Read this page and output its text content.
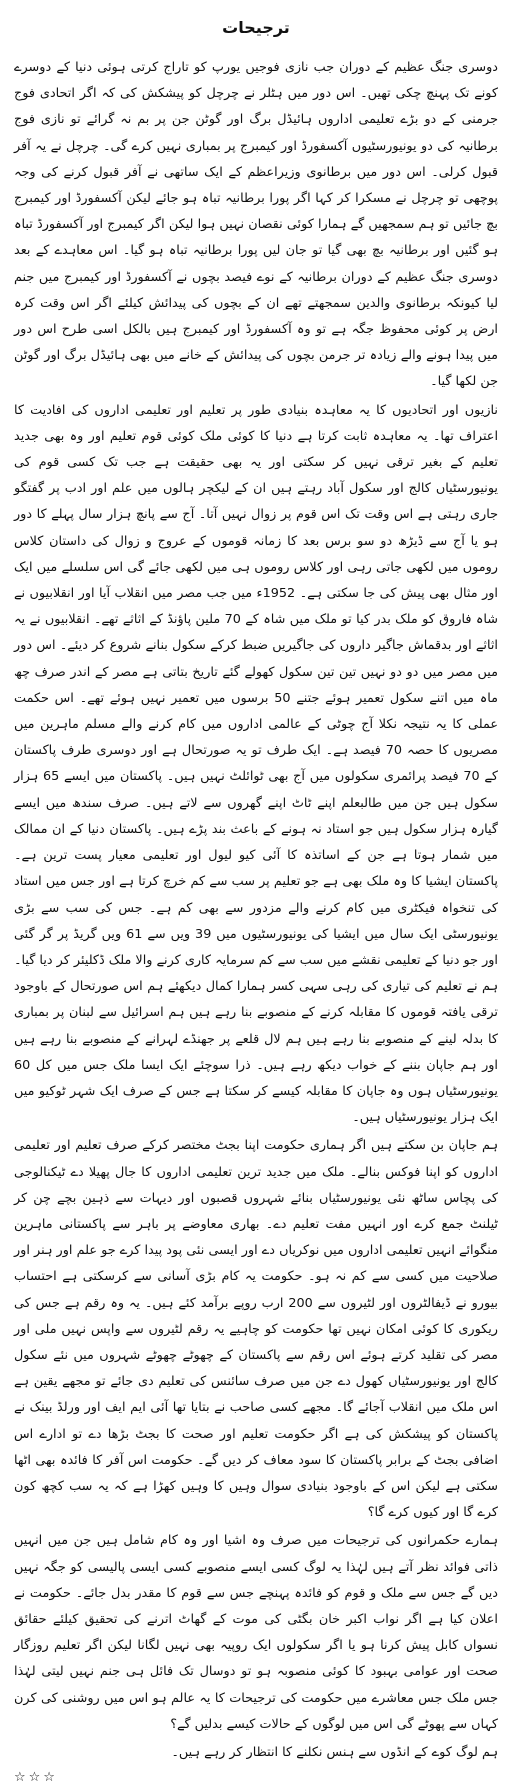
ترجیحات

دوسری جنگ عظیم کے دوران جب نازی فوجیں یورپ کو تاراج کرتی ہوئی دنیا کے دوسرے کونے تک پہنچ چکی تھیں۔ اس دور میں ہٹلر نے چرچل کو پیشکش کی کہ اگر اتحادی فوج جرمنی کے دو بڑے تعلیمی اداروں ہائیڈل برگ اور گوٹن جن پر بم نہ گرائے تو نازی فوج برطانیہ کی دو یونیورسٹیوں آکسفورڈ اور کیمبرج پر بمباری نہیں کرے گی۔ چرچل نے یہ آفر قبول کرلی۔ اس دور میں برطانوی وزیراعظم کے ایک ساتھی نے آفر قبول کرنے کی وجہ پوچھی تو چرچل نے مسکرا کر کہا اگر پورا برطانیہ تباہ ہو جائے لیکن آکسفورڈ اور کیمبرج بچ جائیں تو ہم سمجھیں گے ہمارا کوئی نقصان نہیں ہوا لیکن اگر کیمبرج اور آکسفورڈ تباہ ہو گئیں اور برطانیہ بچ بھی گیا تو جان لیں پورا برطانیہ تباہ ہو گیا۔ اس معاہدے کے بعد دوسری جنگ عظیم کے دوران برطانیہ کے نوے فیصد بچوں نے آکسفورڈ اور کیمبرج میں جنم لیا کیونکہ برطانوی والدین سمجھتے تھے ان کے بچوں کی پیدائش کیلئے اگر اس وقت کرہ ارض پر کوئی محفوظ جگہ ہے تو وہ آکسفورڈ اور کیمبرج ہیں بالکل اسی طرح اس دور میں پیدا ہونے والے زیادہ تر جرمن بچوں کی پیدائش کے خانے میں بھی ہائیڈل برگ اور گوٹن جن لکھا گیا۔

نازیوں اور اتحادیوں کا یہ معاہدہ بنیادی طور پر تعلیم اور تعلیمی اداروں کی افادیت کا اعتراف تھا۔ یہ معاہدہ ثابت کرتا ہے دنیا کا کوئی ملک کوئی قوم تعلیم اور وہ بھی جدید تعلیم کے بغیر ترقی نہیں کر سکتی اور یہ بھی حقیقت ہے جب تک کسی قوم کی یونیورسٹیاں کالج اور سکول آباد رہتے ہیں ان کے لیکچر ہالوں میں علم اور ادب پر گفتگو جاری رہتی ہے اس وقت تک اس قوم پر زوال نہیں آتا۔ آج سے پانچ ہزار سال پہلے کا دور ہو یا آج سے ڈیڑھ دو سو برس بعد کا زمانہ قوموں کے عروج و زوال کی داستان کلاس روموں میں لکھی جاتی رہی اور کلاس روموں ہی میں لکھی جائے گی اس سلسلے میں ایک اور مثال بھی پیش کی جا سکتی ہے۔ 1952ء میں جب مصر میں انقلاب آیا اور انقلابیوں نے شاہ فاروق کو ملک بدر کیا تو ملک میں شاہ کے 70 ملین پاؤنڈ کے اثاثے تھے۔ انقلابیوں نے یہ اثاثے اور بدقماش جاگیر داروں کی جاگیریں ضبط کرکے سکول بنانے شروع کر دیئے۔ اس دور میں مصر میں دو دو نہیں تین تین سکول کھولے گئے تاریخ بتاتی ہے مصر کے اندر صرف چھ ماہ میں اتنے سکول تعمیر ہوئے جتنے 50 برسوں میں تعمیر نہیں ہوئے تھے۔ اس حکمت عملی کا یہ نتیجہ نکلا آج چوٹی کے عالمی اداروں میں کام کرنے والے مسلم ماہرین میں مصریوں کا حصہ 70 فیصد ہے۔ ایک طرف تو یہ صورتحال ہے اور دوسری طرف پاکستان کے 70 فیصد پرائمری سکولوں میں آج بھی ٹوائلٹ نہیں ہیں۔ پاکستان میں ایسے 65 ہزار سکول ہیں جن میں طالبعلم اپنے ٹاٹ اپنے گھروں سے لاتے ہیں۔ صرف سندھ میں ایسے گیارہ ہزار سکول ہیں جو استاد نہ ہونے کے باعث بند پڑے ہیں۔ پاکستان دنیا کے ان ممالک میں شمار ہوتا ہے جن کے اساتذہ کا آئی کیو لیول اور تعلیمی معیار پست ترین ہے۔ پاکستان ایشیا کا وہ ملک بھی ہے جو تعلیم پر سب سے کم خرچ کرتا ہے اور جس میں استاد کی تنخواہ فیکٹری میں کام کرنے والے مزدور سے بھی کم ہے۔ جس کی سب سے بڑی یونیورسٹی ایک سال میں ایشیا کی یونیورسٹیوں میں 39 ویں سے 61 ویں گریڈ پر گر گئی اور جو دنیا کے تعلیمی نقشے میں سب سے کم سرمایہ کاری کرنے والا ملک ڈکلیئر کر دیا گیا۔ ہم نے تعلیم کی تیاری کی رہی سہی کسر ہمارا کمال دیکھئے ہم اس صورتحال کے باوجود ترقی یافتہ قوموں کا مقابلہ کرنے کے منصوبے بنا رہے ہیں ہم اسرائیل سے لبنان پر بمباری کا بدلہ لینے کے منصوبے بنا رہے ہیں ہم لال قلعے پر جھنڈے لہرانے کے منصوبے بنا رہے ہیں اور ہم جاپان بننے کے خواب دیکھ رہے ہیں۔ ذرا سوچئے ایک ایسا ملک جس میں کل 60 یونیورسٹیاں ہوں وہ جاپان کا مقابلہ کیسے کر سکتا ہے جس کے صرف ایک شہر ٹوکیو میں ایک ہزار یونیورسٹیاں ہیں۔

ہم جاپان بن سکتے ہیں اگر ہماری حکومت اپنا بجٹ مختصر کرکے صرف تعلیم اور تعلیمی اداروں کو اپنا فوکس بنالے۔ ملک میں جدید ترین تعلیمی اداروں کا جال پھیلا دے ٹیکنالوجی کی پچاس ساٹھ نئی یونیورسٹیاں بنائے شہروں قصبوں اور دیہات سے ذہین بچے چن کر ٹیلنٹ جمع کرے اور انہیں مفت تعلیم دے۔ بھاری معاوضے پر باہر سے پاکستانی ماہرین منگوائے انہیں تعلیمی اداروں میں نوکریاں دے اور ایسی نئی پود پیدا کرے جو علم اور ہنر اور صلاحیت میں کسی سے کم نہ ہو۔ حکومت یہ کام بڑی آسانی سے کرسکتی ہے احتساب بیورو نے ڈیفالٹروں اور لٹیروں سے 200 ارب روپے برآمد کئے ہیں۔ یہ وہ رقم ہے جس کی ریکوری کا کوئی امکان نہیں تھا حکومت کو چاہیے یہ رقم لٹیروں سے واپس نہیں ملی اور مصر کی تقلید کرتے ہوئے اس رقم سے پاکستان کے چھوٹے چھوٹے شہروں میں نئے سکول کالج اور یونیورسٹیاں کھول دے جن میں صرف سائنس کی تعلیم دی جائے تو مجھے یقین ہے اس ملک میں انقلاب آجائے گا۔ مجھے کسی صاحب نے بتایا تھا آئی ایم ایف اور ورلڈ بینک نے پاکستان کو پیشکش کی ہے اگر حکومت تعلیم اور صحت کا بجٹ بڑھا دے تو ادارے اس اضافی بجٹ کے برابر پاکستان کا سود معاف کر دیں گے۔ حکومت اس آفر کا فائدہ بھی اٹھا سکتی ہے لیکن اس کے باوجود بنیادی سوال وہیں کا وہیں کھڑا ہے کہ یہ سب کچھ کون کرے گا اور کیوں کرے گا؟

ہمارے حکمرانوں کی ترجیحات میں صرف وہ اشیا اور وہ کام شامل ہیں جن میں انہیں ذاتی فوائد نظر آتے ہیں لہٰذا یہ لوگ کسی ایسے منصوبے کسی ایسی پالیسی کو جگہ نہیں دیں گے جس سے ملک و قوم کو فائدہ پہنچے جس سے قوم کا مقدر بدل جائے۔ حکومت نے اعلان کیا ہے اگر نواب اکبر خان بگٹی کی موت کے گھاٹ اترنے کی تحقیق کیلئے حقائق نسواں کابل پیش کرنا ہو یا اگر سکولوں ایک روپیہ بھی نہیں لگانا لیکن اگر تعلیم روزگار صحت اور عوامی بہبود کا کوئی منصوبہ ہو تو دوسال تک فائل ہی جنم نہیں لیتی لہٰذا جس ملک جس معاشرے میں حکومت کی ترجیحات کا یہ عالم ہو اس میں روشنی کی کرن کہاں سے پھوٹے گی اس میں لوگوں کے حالات کیسے بدلیں گے؟

ہم لوگ کوے کے انڈوں سے ہنس نکلنے کا انتظار کر رہے ہیں۔

☆☆☆
